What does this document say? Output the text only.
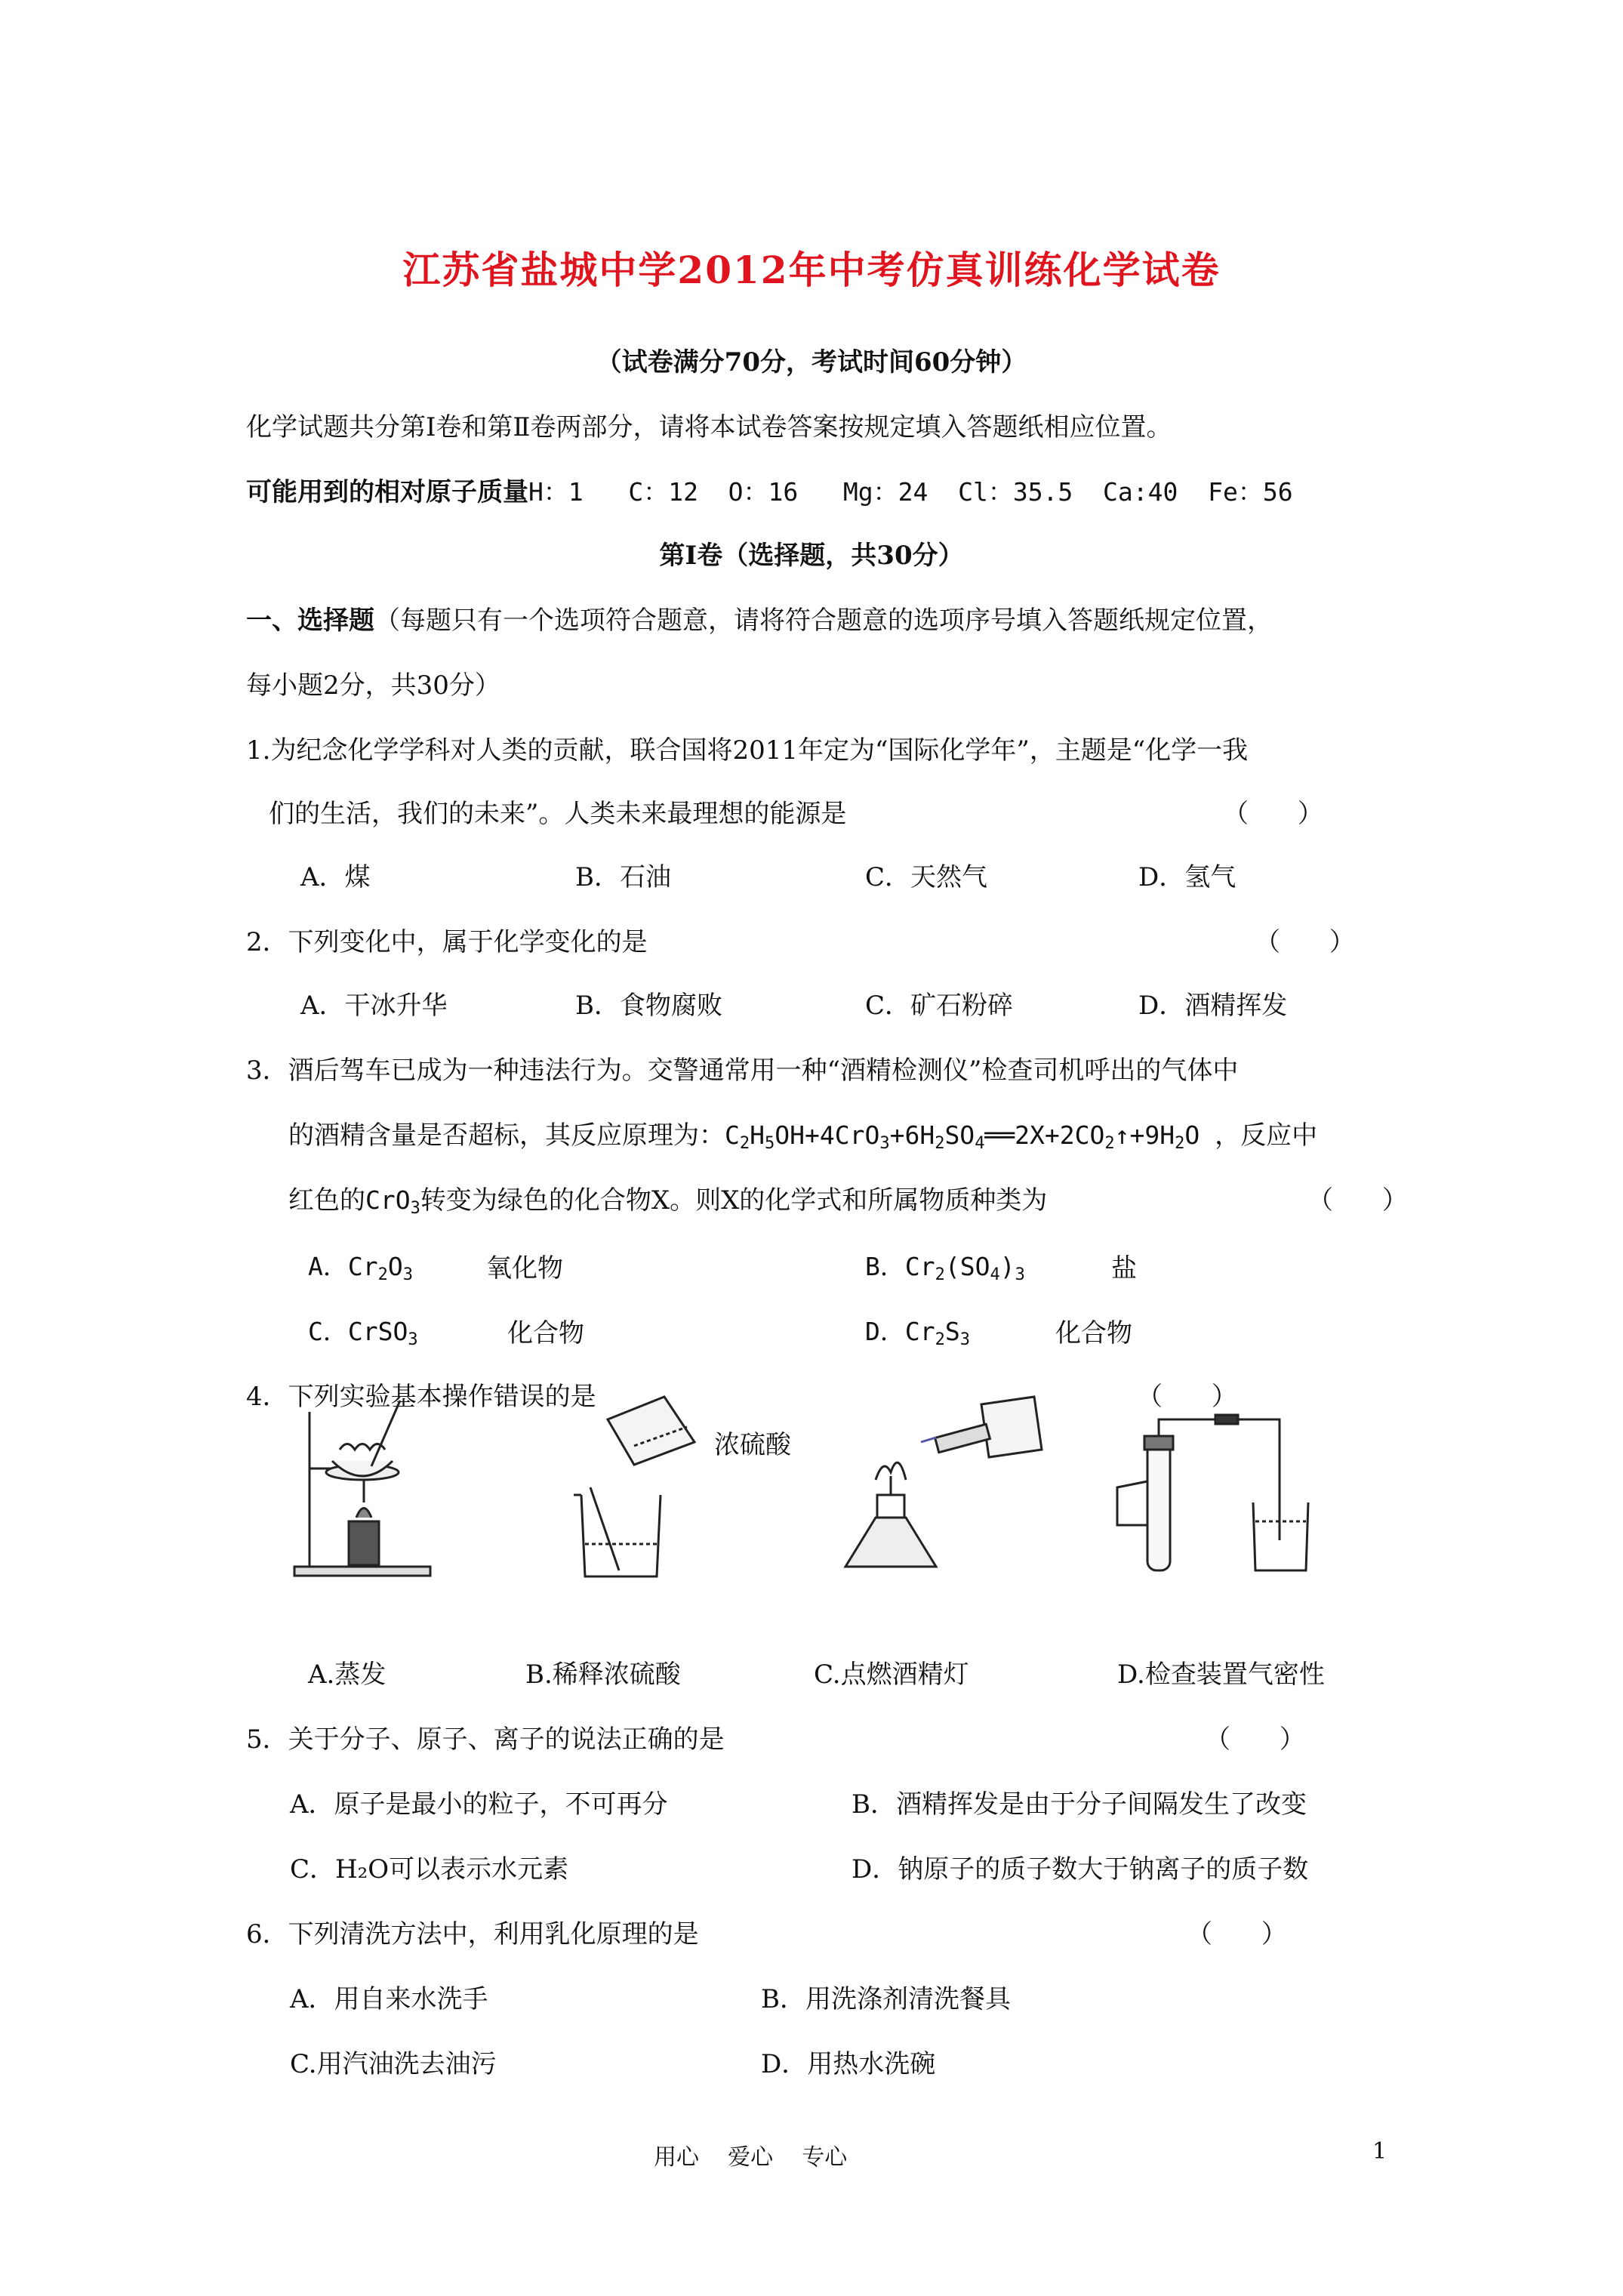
江苏省盐城中学2012年中考仿真训练化学试卷
（试卷满分70分，考试时间60分钟）
化学试题共分第Ⅰ卷和第Ⅱ卷两部分，请将本试卷答案按规定填入答题纸相应位置。
可能用到的相对原子质量H：1   C：12  O：16   Mg：24  Cl：35.5  Ca:40  Fe：56
第Ⅰ卷（选择题，共30分）
一、选择题（每题只有一个选项符合题意，请将符合题意的选项序号填入答题纸规定位置，
每小题2分，共30分）
1.为纪念化学学科对人类的贡献，联合国将2011年定为“国际化学年”，主题是“化学一我
们的生活，我们的未来”。人类未来最理想的能源是	（      ）
A．煤	B．石油	C．天然气	D．氢气
2．下列变化中，属于化学变化的是	（      ）
A．干冰升华	B．食物腐败	C．矿石粉碎	D．酒精挥发
3．酒后驾车已成为一种违法行为。交警通常用一种“酒精检测仪”检查司机呼出的气体中
的酒精含量是否超标，其反应原理为：$C_2H_5OH+4CrO_3+6H_2SO_4══2X+2CO_2↑+9H_2O$ ，反应中
红色的CrO$_3$转变为绿色的化合物X。则X的化学式和所属物质种类为	（      ）
A．$Cr_2O_3$	氧化物	B．$Cr_2(SO_4)_3$	盐
C．CrSO$_3$	化合物	D．$Cr_2S_3$	化合物
4．下列实验基本操作错误的是	（      ）
浓硫酸
A.蒸发	B.稀释浓硫酸	C.点燃酒精灯	D.检查装置气密性
5．关于分子、原子、离子的说法正确的是	（      ）
A．原子是最小的粒子，不可再分	B．酒精挥发是由于分子间隔发生了改变
C．H₂O可以表示水元素	D．钠原子的质子数大于钠离子的质子数
6．下列清洗方法中，利用乳化原理的是	（      ）
A．用自来水洗手	B．用洗涤剂清洗餐具
C.用汽油洗去油污	D．用热水洗碗
用心    爱心    专心	1
